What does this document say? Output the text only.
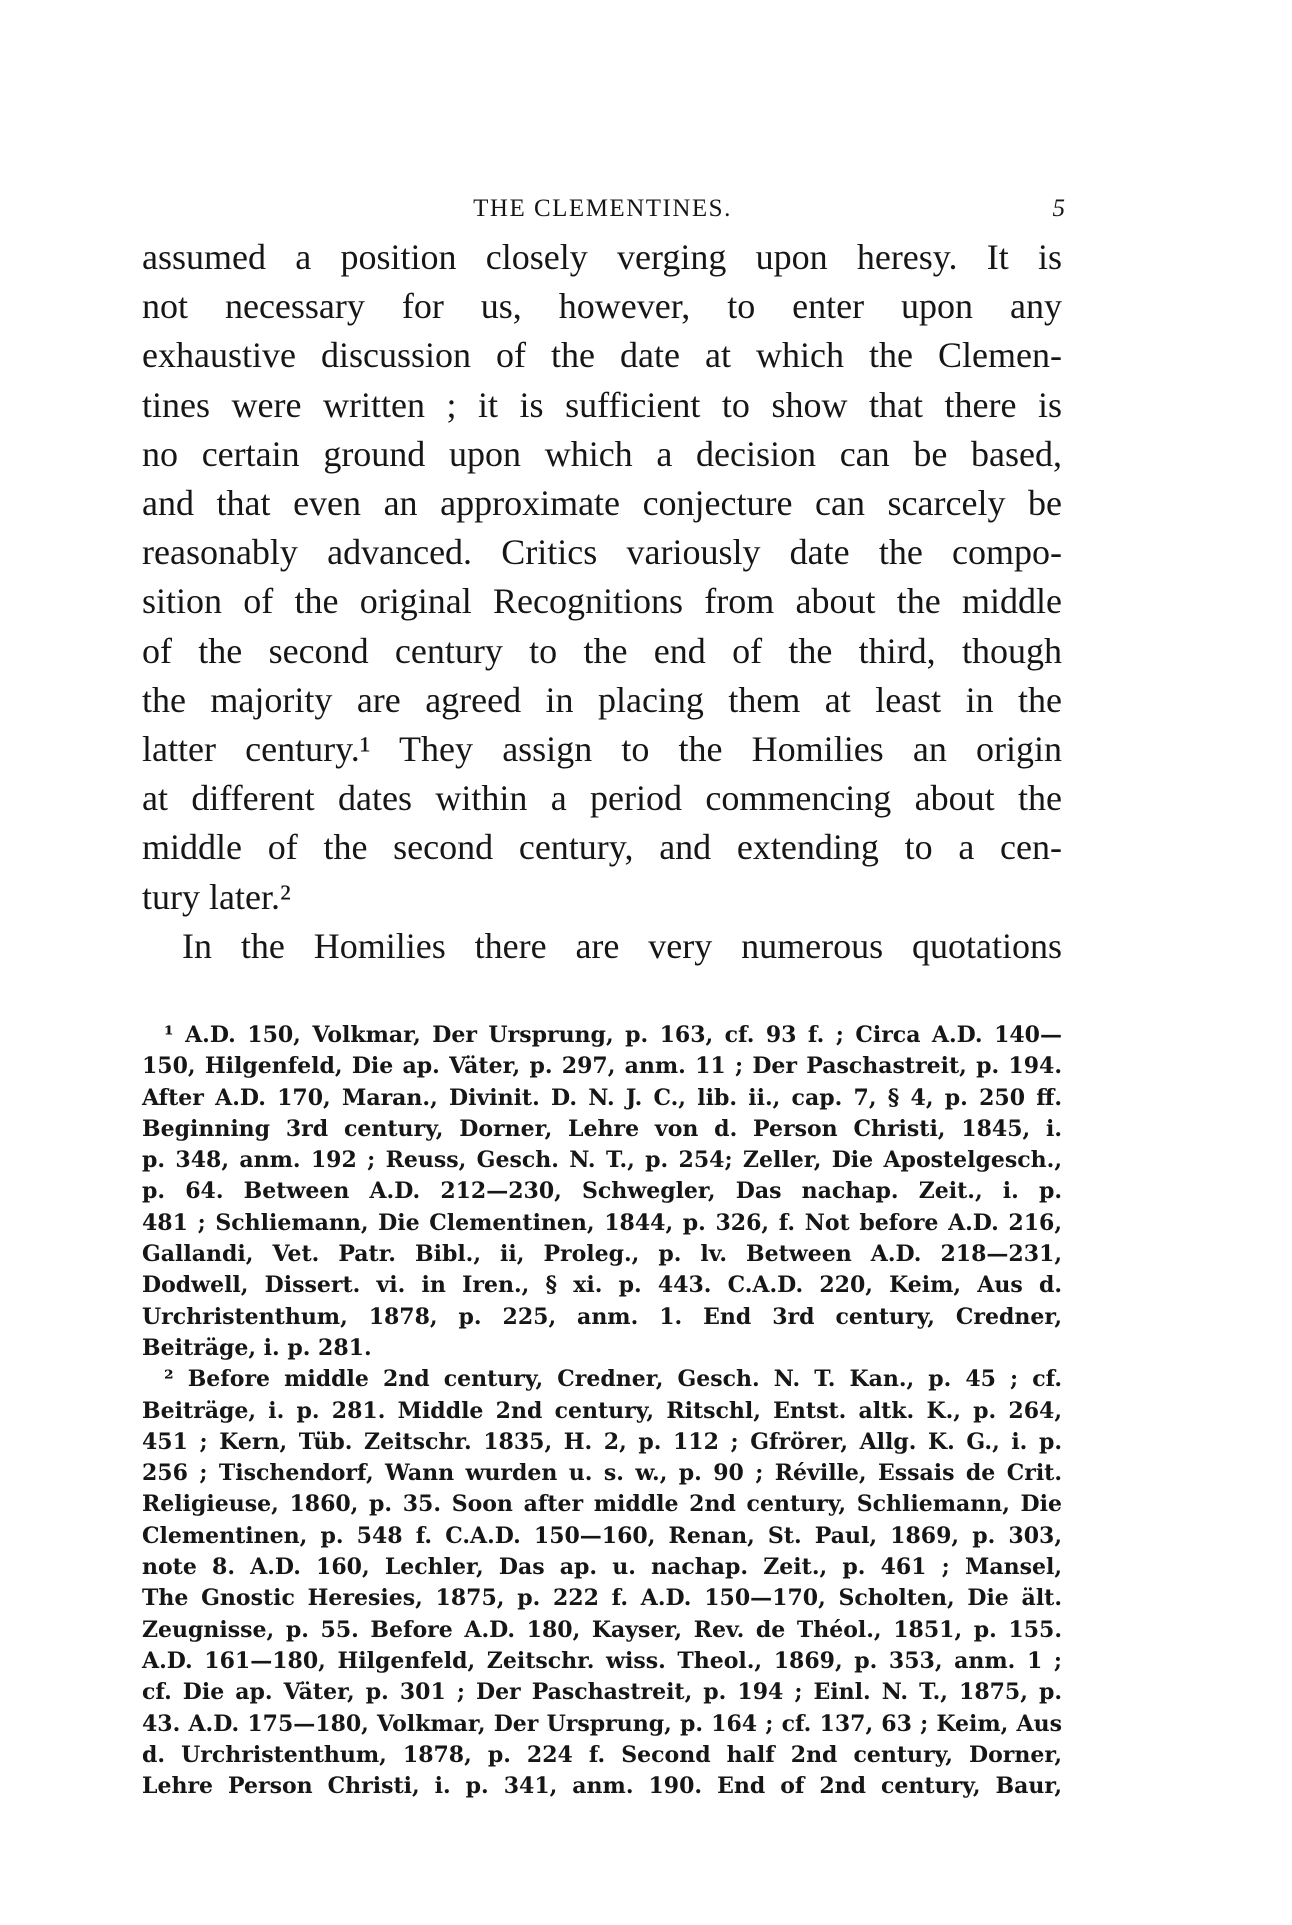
THE CLEMENTINES.	5
assumed a position closely verging upon heresy. It is
not necessary for us, however, to enter upon any
exhaustive discussion of the date at which the Clemen-
tines were written ; it is sufficient to show that there is
no certain ground upon which a decision can be based,
and that even an approximate conjecture can scarcely be
reasonably advanced. Critics variously date the compo-
sition of the original Recognitions from about the middle
of the second century to the end of the third, though
the majority are agreed in placing them at least in the
latter century.¹ They assign to the Homilies an origin
at different dates within a period commencing about the
middle of the second century, and extending to a cen-
tury later.²
In the Homilies there are very numerous quotations
¹ A.D. 150, Volkmar, Der Ursprung, p. 163, cf. 93 f. ; Circa A.D. 140—
150, Hilgenfeld, Die ap. Väter, p. 297, anm. 11 ; Der Paschastreit, p. 194.
After A.D. 170, Maran., Divinit. D. N. J. C., lib. ii., cap. 7, § 4, p. 250 ff.
Beginning 3rd century, Dorner, Lehre von d. Person Christi, 1845, i.
p. 348, anm. 192 ; Reuss, Gesch. N. T., p. 254; Zeller, Die Apostelgesch.,
p. 64. Between A.D. 212—230, Schwegler, Das nachap. Zeit., i. p.
481 ; Schliemann, Die Clementinen, 1844, p. 326, f. Not before A.D. 216,
Gallandi, Vet. Patr. Bibl., ii, Proleg., p. lv. Between A.D. 218—231,
Dodwell, Dissert. vi. in Iren., § xi. p. 443. C.A.D. 220, Keim, Aus d.
Urchristenthum, 1878, p. 225, anm. 1. End 3rd century, Credner,
Beiträge, i. p. 281.
² Before middle 2nd century, Credner, Gesch. N. T. Kan., p. 45 ; cf.
Beiträge, i. p. 281. Middle 2nd century, Ritschl, Entst. altk. K., p. 264,
451 ; Kern, Tüb. Zeitschr. 1835, H. 2, p. 112 ; Gfrörer, Allg. K. G., i. p.
256 ; Tischendorf, Wann wurden u. s. w., p. 90 ; Réville, Essais de Crit.
Religieuse, 1860, p. 35. Soon after middle 2nd century, Schliemann, Die
Clementinen, p. 548 f. C.A.D. 150—160, Renan, St. Paul, 1869, p. 303,
note 8. A.D. 160, Lechler, Das ap. u. nachap. Zeit., p. 461 ; Mansel,
The Gnostic Heresies, 1875, p. 222 f. A.D. 150—170, Scholten, Die ält.
Zeugnisse, p. 55. Before A.D. 180, Kayser, Rev. de Théol., 1851, p. 155.
A.D. 161—180, Hilgenfeld, Zeitschr. wiss. Theol., 1869, p. 353, anm. 1 ;
cf. Die ap. Väter, p. 301 ; Der Paschastreit, p. 194 ; Einl. N. T., 1875, p.
43. A.D. 175—180, Volkmar, Der Ursprung, p. 164 ; cf. 137, 63 ; Keim, Aus
d. Urchristenthum, 1878, p. 224 f. Second half 2nd century, Dorner,
Lehre Person Christi, i. p. 341, anm. 190. End of 2nd century, Baur,
